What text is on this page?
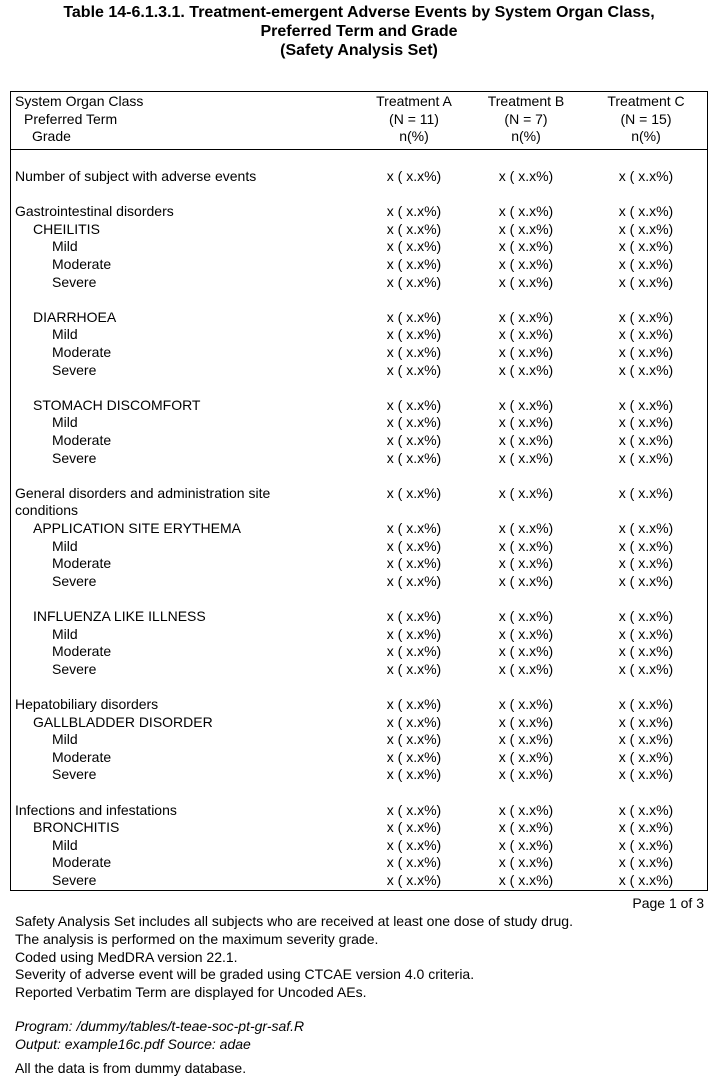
Table 14-6.1.3.1. Treatment-emergent Adverse Events by System Organ Class,
Preferred Term and Grade
(Safety Analysis Set)
System Organ Class	Treatment A	Treatment B	Treatment C
Preferred Term	(N = 11)	(N = 7)	(N = 15)
Grade	n(%)	n(%)	n(%)
Number of subject with adverse events	x ( x.x%)	x ( x.x%)	x ( x.x%)
Gastrointestinal disorders	x ( x.x%)	x ( x.x%)	x ( x.x%)
CHEILITIS	x ( x.x%)	x ( x.x%)	x ( x.x%)
Mild	x ( x.x%)	x ( x.x%)	x ( x.x%)
Moderate	x ( x.x%)	x ( x.x%)	x ( x.x%)
Severe	x ( x.x%)	x ( x.x%)	x ( x.x%)
DIARRHOEA	x ( x.x%)	x ( x.x%)	x ( x.x%)
Mild	x ( x.x%)	x ( x.x%)	x ( x.x%)
Moderate	x ( x.x%)	x ( x.x%)	x ( x.x%)
Severe	x ( x.x%)	x ( x.x%)	x ( x.x%)
STOMACH DISCOMFORT	x ( x.x%)	x ( x.x%)	x ( x.x%)
Mild	x ( x.x%)	x ( x.x%)	x ( x.x%)
Moderate	x ( x.x%)	x ( x.x%)	x ( x.x%)
Severe	x ( x.x%)	x ( x.x%)	x ( x.x%)
General disorders and administration site	x ( x.x%)	x ( x.x%)	x ( x.x%)
conditions
APPLICATION SITE ERYTHEMA	x ( x.x%)	x ( x.x%)	x ( x.x%)
Mild	x ( x.x%)	x ( x.x%)	x ( x.x%)
Moderate	x ( x.x%)	x ( x.x%)	x ( x.x%)
Severe	x ( x.x%)	x ( x.x%)	x ( x.x%)
INFLUENZA LIKE ILLNESS	x ( x.x%)	x ( x.x%)	x ( x.x%)
Mild	x ( x.x%)	x ( x.x%)	x ( x.x%)
Moderate	x ( x.x%)	x ( x.x%)	x ( x.x%)
Severe	x ( x.x%)	x ( x.x%)	x ( x.x%)
Hepatobiliary disorders	x ( x.x%)	x ( x.x%)	x ( x.x%)
GALLBLADDER DISORDER	x ( x.x%)	x ( x.x%)	x ( x.x%)
Mild	x ( x.x%)	x ( x.x%)	x ( x.x%)
Moderate	x ( x.x%)	x ( x.x%)	x ( x.x%)
Severe	x ( x.x%)	x ( x.x%)	x ( x.x%)
Infections and infestations	x ( x.x%)	x ( x.x%)	x ( x.x%)
BRONCHITIS	x ( x.x%)	x ( x.x%)	x ( x.x%)
Mild	x ( x.x%)	x ( x.x%)	x ( x.x%)
Moderate	x ( x.x%)	x ( x.x%)	x ( x.x%)
Severe	x ( x.x%)	x ( x.x%)	x ( x.x%)
Page 1 of 3
Safety Analysis Set includes all subjects who are received at least one dose of study drug.
The analysis is performed on the maximum severity grade.
Coded using MedDRA version 22.1.
Severity of adverse event will be graded using CTCAE version 4.0 criteria.
Reported Verbatim Term are displayed for Uncoded AEs.
Program: /dummy/tables/t-teae-soc-pt-gr-saf.R
Output: example16c.pdf Source: adae
All the data is from dummy database.
